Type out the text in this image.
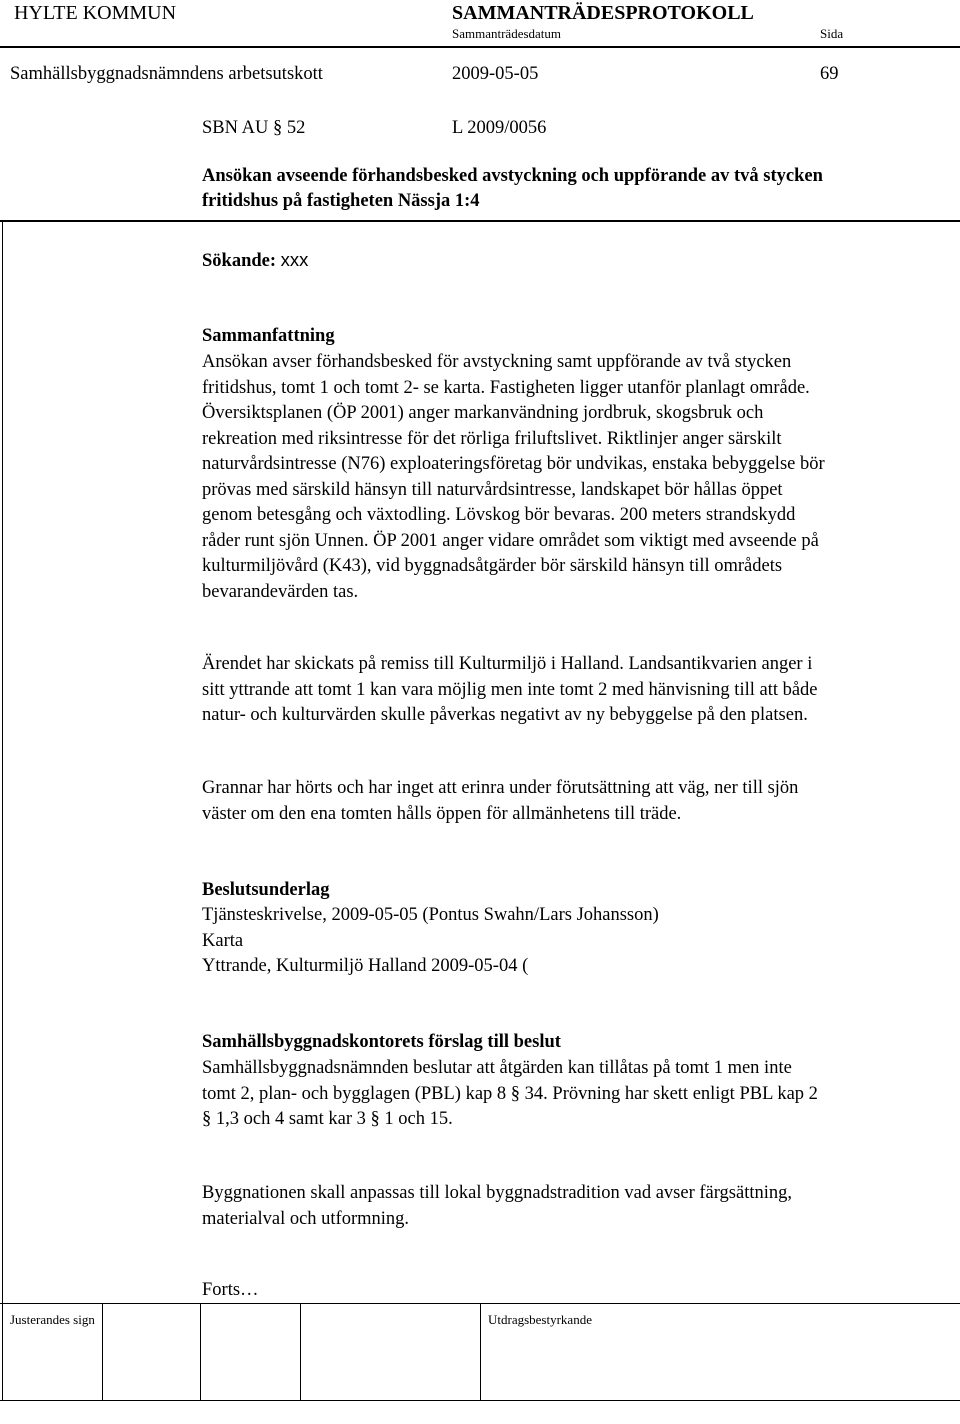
HYLTE KOMMUN	SAMMANTRÄDESPROTOKOLL
Sammanträdesdatum	Sida
Samhällsbyggnadsnämndens arbetsutskott	2009-05-05	69
SBN AU § 52	L 2009/0056
Ansökan avseende förhandsbesked avstyckning och uppförande av två stycken
fritidshus på fastigheten Nässja 1:4
Sökande: xxx
Sammanfattning
Ansökan avser förhandsbesked för avstyckning samt uppförande av två stycken
fritidshus, tomt 1 och tomt 2- se karta. Fastigheten ligger utanför planlagt område.
Översiktsplanen (ÖP 2001) anger markanvändning jordbruk, skogsbruk och
rekreation med riksintresse för det rörliga friluftslivet. Riktlinjer anger särskilt
naturvårdsintresse (N76) exploateringsföretag bör undvikas, enstaka bebyggelse bör
prövas med särskild hänsyn till naturvårdsintresse, landskapet bör hållas öppet
genom betesgång och växtodling. Lövskog bör bevaras. 200 meters strandskydd
råder runt sjön Unnen. ÖP 2001 anger vidare området som viktigt med avseende på
kulturmiljövård (K43), vid byggnadsåtgärder bör särskild hänsyn till områdets
bevarandevärden tas.
Ärendet har skickats på remiss till Kulturmiljö i Halland. Landsantikvarien anger i
sitt yttrande att tomt 1 kan vara möjlig men inte tomt 2 med hänvisning till att både
natur- och kulturvärden skulle påverkas negativt av ny bebyggelse på den platsen.
Grannar har hörts och har inget att erinra under förutsättning att väg, ner till sjön
väster om den ena tomten hålls öppen för allmänhetens till träde.
Beslutsunderlag
Tjänsteskrivelse, 2009-05-05 (Pontus Swahn/Lars Johansson)
Karta
Yttrande, Kulturmiljö Halland 2009-05-04 (
Samhällsbyggnadskontorets förslag till beslut
Samhällsbyggnadsnämnden beslutar att åtgärden kan tillåtas på tomt 1 men inte
tomt 2, plan- och bygglagen (PBL) kap 8 § 34. Prövning har skett enligt PBL kap 2
§ 1,3 och 4 samt kar 3 § 1 och 15.
Byggnationen skall anpassas till lokal byggnadstradition vad avser färgsättning,
materialval och utformning.
Forts…
Justerandes sign	Utdragsbestyrkande
